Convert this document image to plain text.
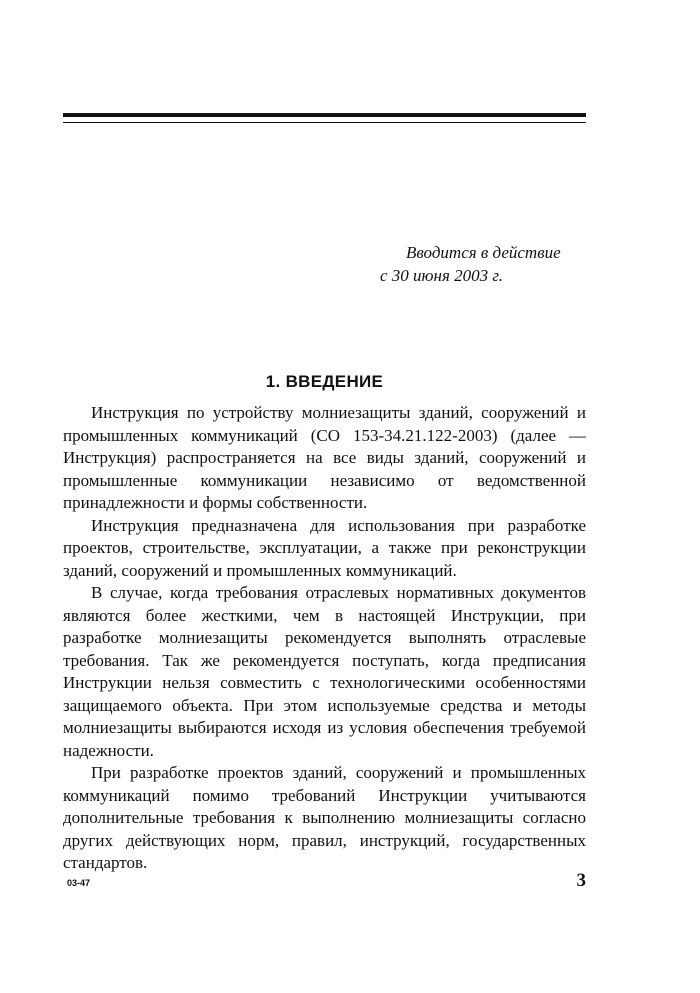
Вводится в действие
с 30 июня 2003 г.
1. ВВЕДЕНИЕ

Инструкция по устройству молниезащиты зданий, сооружений и промышленных коммуникаций (СО 153-34.21.122-2003) (далее — Инструкция) распространяется на все виды зданий, сооружений и промышленные коммуникации независимо от ведомственной принадлежности и формы собственности.

Инструкция предназначена для использования при разработке проектов, строительстве, эксплуатации, а также при реконструкции зданий, сооружений и промышленных коммуникаций.

В случае, когда требования отраслевых нормативных документов являются более жесткими, чем в настоящей Инструкции, при разработке молниезащиты рекомендуется выполнять отраслевые требования. Так же рекомендуется поступать, когда предписания Инструкции нельзя совместить с технологическими особенностями защищаемого объекта. При этом используемые средства и методы молниезащиты выбираются исходя из условия обеспечения требуемой надежности.

При разработке проектов зданий, сооружений и промышленных коммуникаций помимо требований Инструкции учитываются дополнительные требования к выполнению молниезащиты согласно других действующих норм, правил, инструкций, государственных стандартов.

03-47	3
